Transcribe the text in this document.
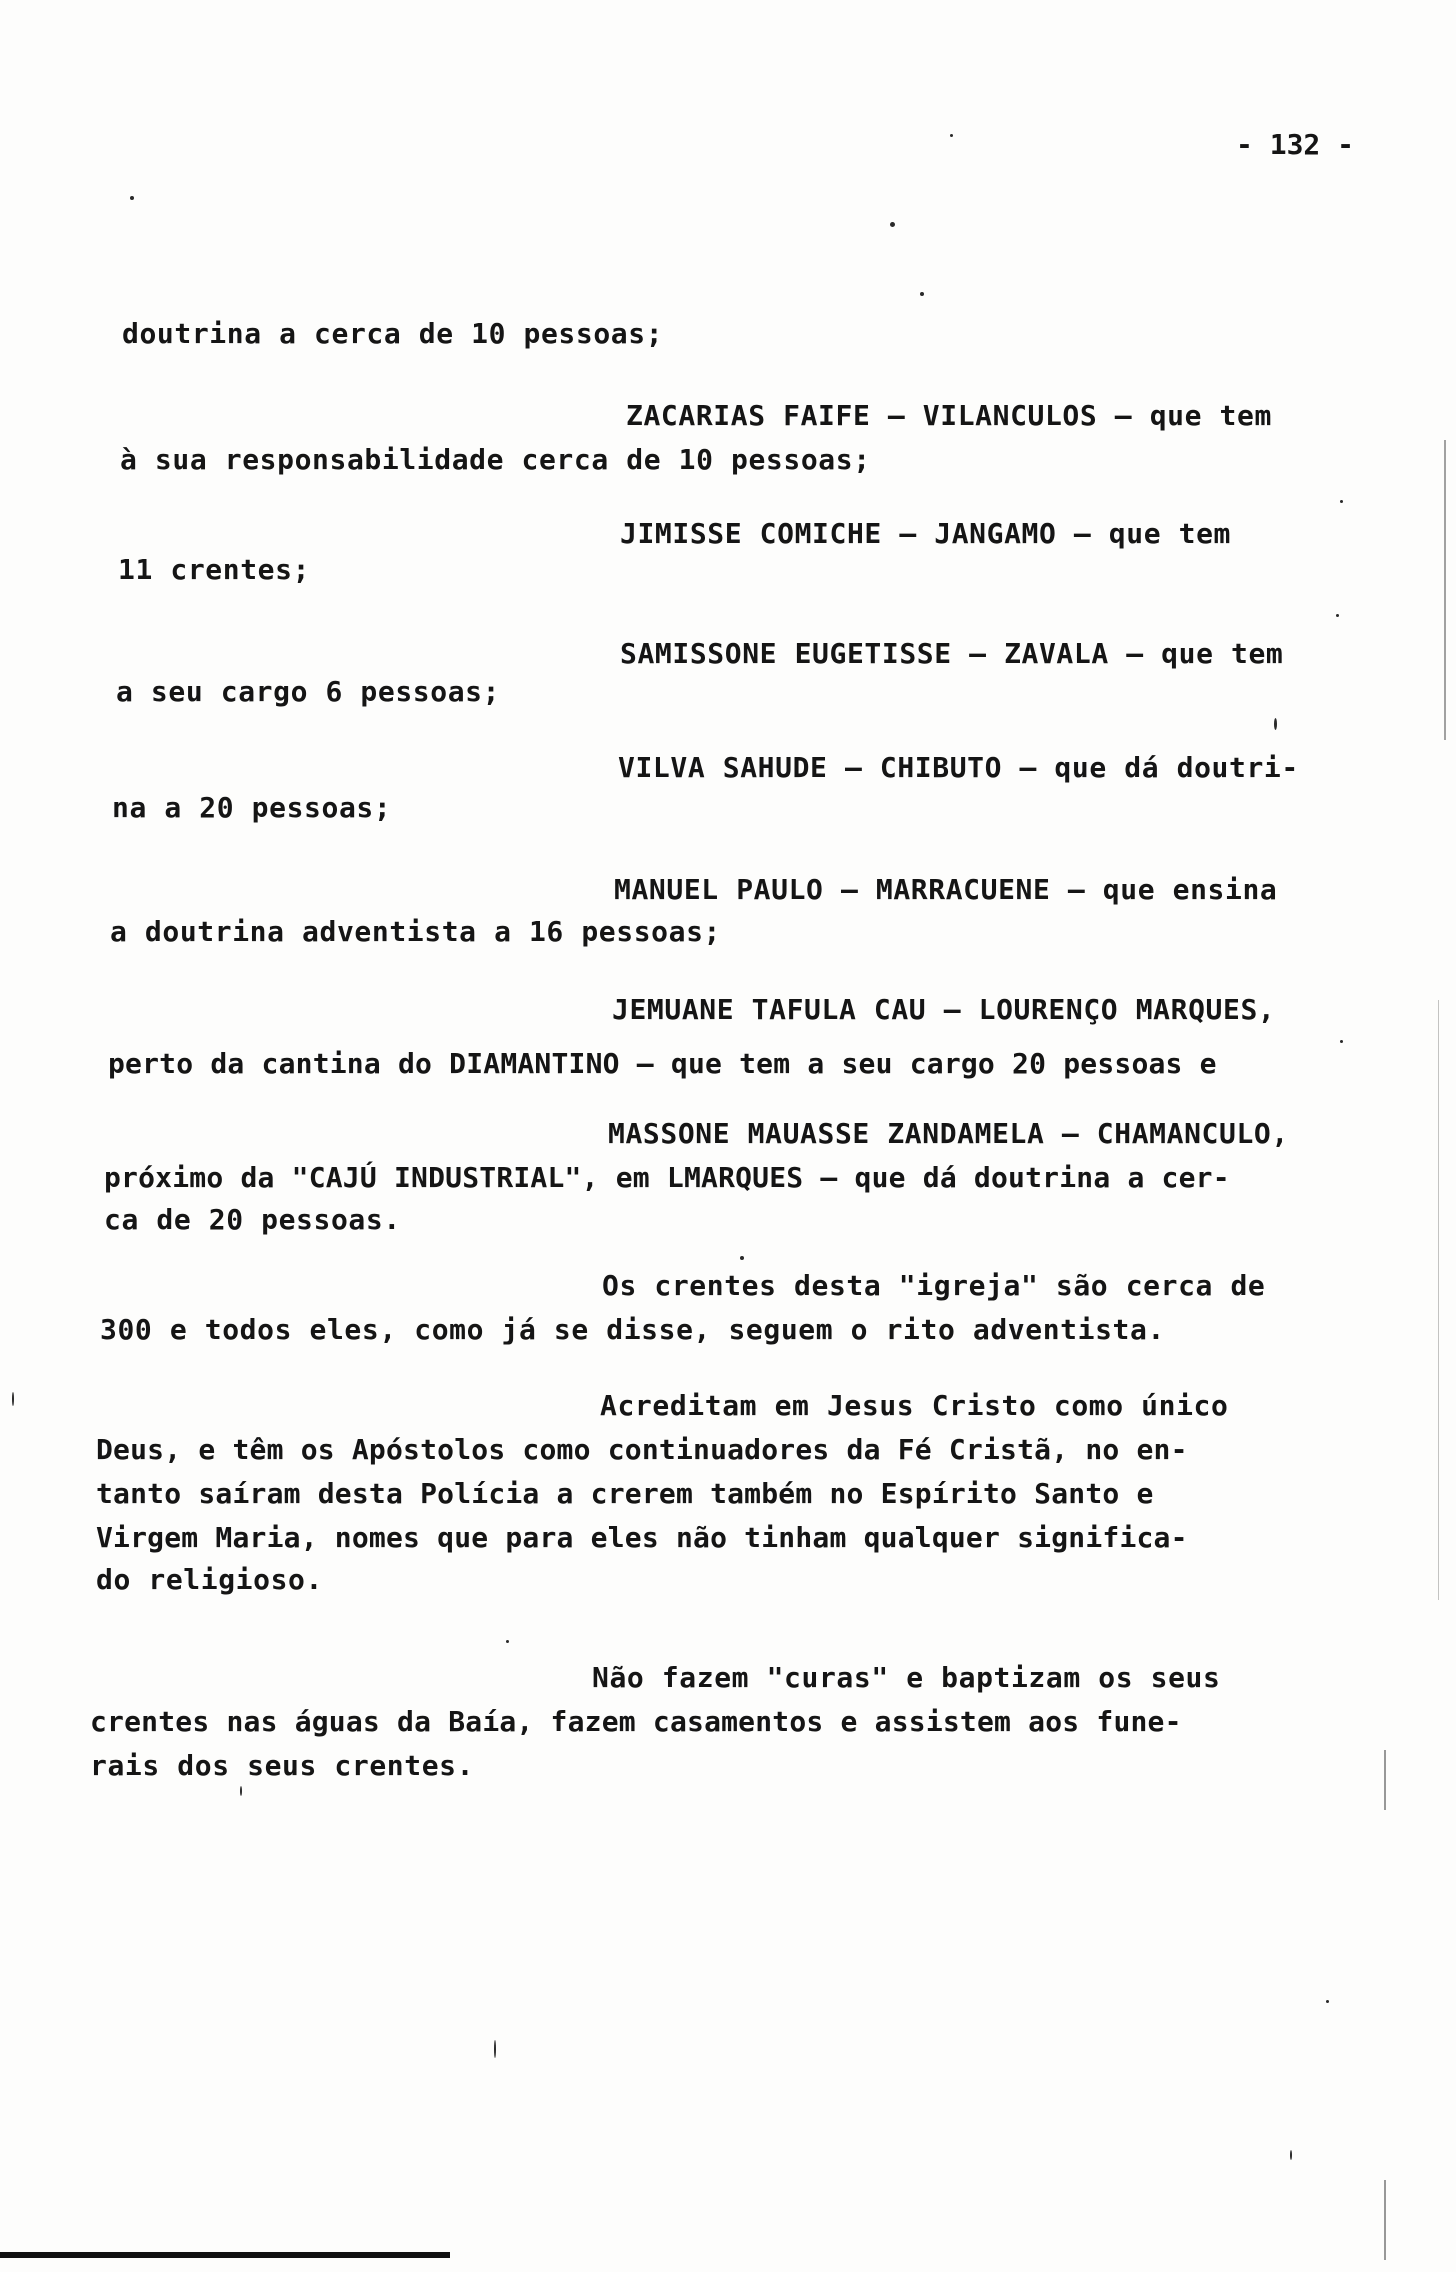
- 132 -
doutrina a cerca de 10 pessoas;
ZACARIAS FAIFE – VILANCULOS – que tem
à sua responsabilidade cerca de 10 pessoas;
JIMISSE COMICHE – JANGAMO – que tem
11 crentes;
SAMISSONE EUGETISSE – ZAVALA – que tem
a seu cargo 6 pessoas;
VILVA SAHUDE – CHIBUTO – que dá doutri-
na a 20 pessoas;
MANUEL PAULO – MARRACUENE – que ensina
a doutrina adventista a 16 pessoas;
JEMUANE TAFULA CAU – LOURENÇO MARQUES,
perto da cantina do DIAMANTINO – que tem a seu cargo 20 pessoas e
MASSONE MAUASSE ZANDAMELA – CHAMANCULO,
próximo da "CAJÚ INDUSTRIAL", em LMARQUES – que dá doutrina a cer-
ca de 20 pessoas.
Os crentes desta "igreja" são cerca de
300 e todos eles, como já se disse, seguem o rito adventista.
Acreditam em Jesus Cristo como único
Deus, e têm os Apóstolos como continuadores da Fé Cristã, no en-
tanto saíram desta Polícia a crerem também no Espírito Santo e
Virgem Maria, nomes que para eles não tinham qualquer significa-
do religioso.
Não fazem "curas" e baptizam os seus
crentes nas águas da Baía, fazem casamentos e assistem aos fune-
rais dos seus crentes.
